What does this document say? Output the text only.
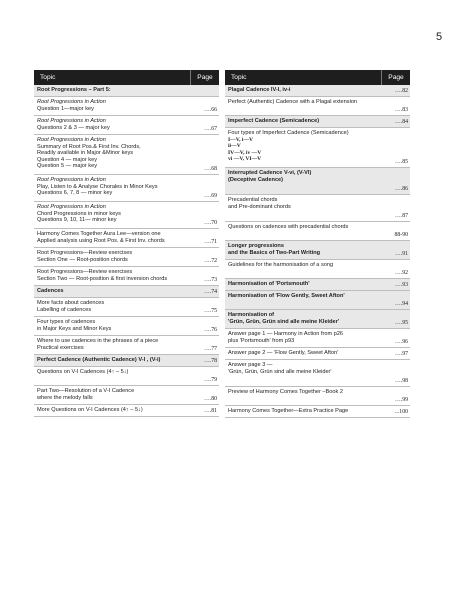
5
Topic	Page
Root Progressions – Part 5:
Root Progressions in Action
Question 1—major key	….66
Root Progressions in Action
Questions 2 & 3 — major key	….67
Root Progressions in Action
Summary of Root Pos.& First Inv. Chords,
Readily available in Major &Minor keys
Question 4 — major key
Question 5 — major key	….68
Root Progressions in Action
Play, Listen to & Analyse Chorales in Minor Keys
Questions 6, 7, 8 — minor key	….69
Root Progressions in Action
Chord Progressions in minor keys
Questions 9, 10, 11— minor key	….70
Harmony Comes Together Aura Lee—version one
Applied analysis using Root Pos. & First Inv. chords	….71
Root Progressions—Review exercises
Section One — Root-position chords	….72
Root Progressions—Review exercises
Section Two — Root-position & first inversion chords	….73
Cadences	….74
More facts about cadences
Labelling of cadences	….75
Four types of cadences
in Major Keys and Minor Keys	….76
Where to use cadences in the phrases of a piece
Practical exercises	….77
Perfect Cadence (Authentic Cadence) V-I , (V-i)	….78
Questions on V-I Cadences (4↑ – 5↓)
….79
Part Two—Resolution of a V-I Cadence
where the melody falls	….80
More Questions on V-I Cadences (4↑ – 5↓)	….81
Topic	Page
Plagal Cadence IV-I, iv-i	….82
Perfect (Authentic) Cadence with a Plagal extension
….83
Imperfect Cadence (Semicadence)	….84
Four types of Imperfect Cadence (Semicadence)
I—V, i—V
ii—V
IV—V, iv —V
vi —V, VI—V	….85
Interrupted Cadence V-vi, (V-VI)
(Deceptive Cadence)
….86
Precadential chords
and Pre-dominant chords
….87
Questions on cadences with precadential chords
88-90
Longer progressions
and the Basics of Two-Part Writing	….91
Guidelines for the harmonisation of a song
….92
Harmonisation of 'Portsmouth'	….93
Harmonisation of 'Flow Gently, Sweet Afton'
….94
Harmonisation of
'Grün, Grün, Grün sind alle meine Kleider'	….95
Answer page 1 — Harmony in Action from p26
plus 'Portsmouth' from p93	….96
Answer page 2 — 'Flow Gently, Sweet Afton'	….97
Answer page 3 —
'Grün, Grün, Grün sind alle meine Kleider'
….98
Preview of Harmony Comes Together –Book 2
….99
Harmony Comes Together—Extra Practice Page	...100
